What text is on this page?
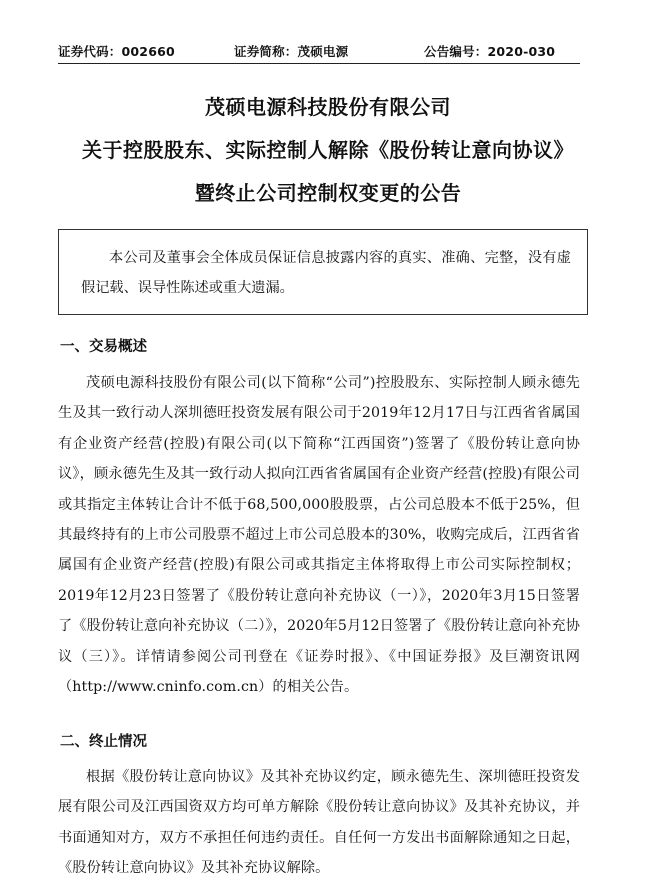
证券代码：002660	证券简称：茂硕电源	公告编号：2020-030
茂硕电源科技股份有限公司
关于控股股东、实际控制人解除《股份转让意向协议》
暨终止公司控制权变更的公告
本公司及董事会全体成员保证信息披露内容的真实、准确、完整，没有虚假记载、误导性陈述或重大遗漏。
一、交易概述
茂硕电源科技股份有限公司(以下简称“公司”)控股股东、实际控制人顾永德先生及其一致行动人深圳德旺投资发展有限公司于2019年12月17日与江西省省属国有企业资产经营(控股)有限公司(以下简称“江西国资”)签署了《股份转让意向协议》，顾永德先生及其一致行动人拟向江西省省属国有企业资产经营(控股)有限公司或其指定主体转让合计不低于68,500,000股股票，占公司总股本不低于25%，但其最终持有的上市公司股票不超过上市公司总股本的30%，收购完成后，江西省省属国有企业资产经营(控股)有限公司或其指定主体将取得上市公司实际控制权；2019年12月23日签署了《股份转让意向补充协议（一）》，2020年3月15日签署了《股份转让意向补充协议（二）》，2020年5月12日签署了《股份转让意向补充协议（三）》。详情请参阅公司刊登在《证券时报》、《中国证券报》及巨潮资讯网（http://www.cninfo.com.cn）的相关公告。
二、终止情况
根据《股份转让意向协议》及其补充协议约定，顾永德先生、深圳德旺投资发展有限公司及江西国资双方均可单方解除《股份转让意向协议》及其补充协议，并书面通知对方，双方不承担任何违约责任。自任何一方发出书面解除通知之日起，《股份转让意向协议》及其补充协议解除。
